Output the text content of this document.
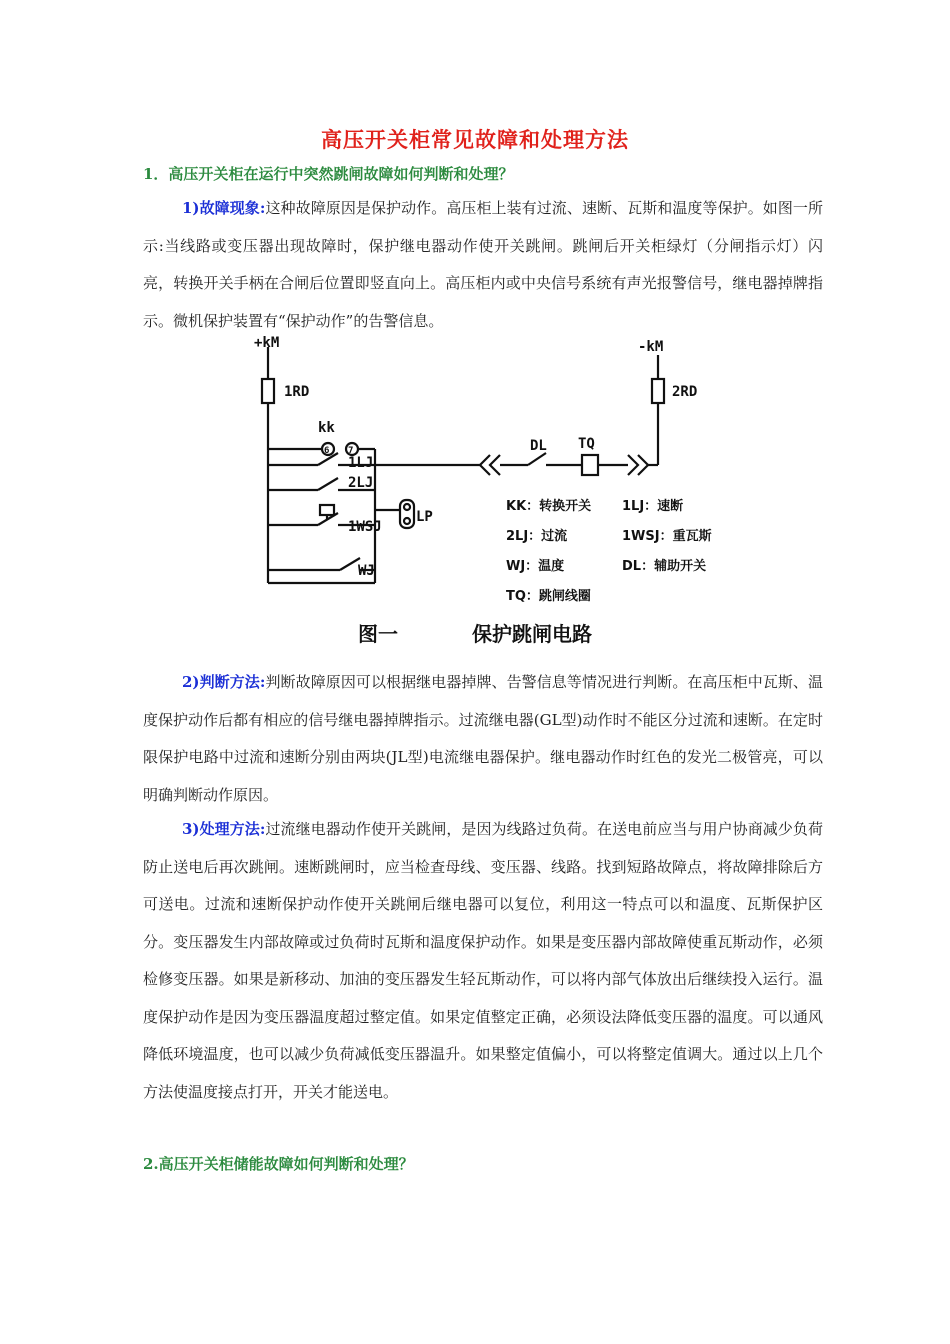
高压开关柜常见故障和处理方法
1．高压开关柜在运行中突然跳闸故障如何判断和处理？
1)故障现象:这种故障原因是保护动作。高压柜上装有过流、速断、瓦斯和温度等保护。如图一所示:当线路或变压器出现故障时，保护继电器动作使开关跳闸。跳闸后开关柜绿灯（分闸指示灯）闪亮，转换开关手柄在合闸后位置即竖直向上。高压柜内或中央信号系统有声光报警信号，继电器掉牌指示。微机保护装置有“保护动作”的告警信息。
+kM	-kM
1RD	2RD
kk
6 7
1LJ
2LJ
1WSJ
LP
WJ
DL TQ
KK：转换开关 1LJ：速断
2LJ：过流	1WSJ：重瓦斯
WJ：温度	DL：辅助开关
TQ：跳闸线圈
图一	保护跳闸电路
2)判断方法:判断故障原因可以根据继电器掉牌、告警信息等情况进行判断。在高压柜中瓦斯、温度保护动作后都有相应的信号继电器掉牌指示。过流继电器(GL型)动作时不能区分过流和速断。在定时限保护电路中过流和速断分别由两块(JL型)电流继电器保护。继电器动作时红色的发光二极管亮，可以明确判断动作原因。
3)处理方法:过流继电器动作使开关跳闸，是因为线路过负荷。在送电前应当与用户协商减少负荷防止送电后再次跳闸。速断跳闸时，应当检查母线、变压器、线路。找到短路故障点，将故障排除后方可送电。过流和速断保护动作使开关跳闸后继电器可以复位，利用这一特点可以和温度、瓦斯保护区分。变压器发生内部故障或过负荷时瓦斯和温度保护动作。如果是变压器内部故障使重瓦斯动作，必须检修变压器。如果是新移动、加油的变压器发生轻瓦斯动作，可以将内部气体放出后继续投入运行。温度保护动作是因为变压器温度超过整定值。如果定值整定正确，必须设法降低变压器的温度。可以通风降低环境温度，也可以减少负荷减低变压器温升。如果整定值偏小，可以将整定值调大。通过以上几个方法使温度接点打开，开关才能送电。
2.高压开关柜储能故障如何判断和处理？
